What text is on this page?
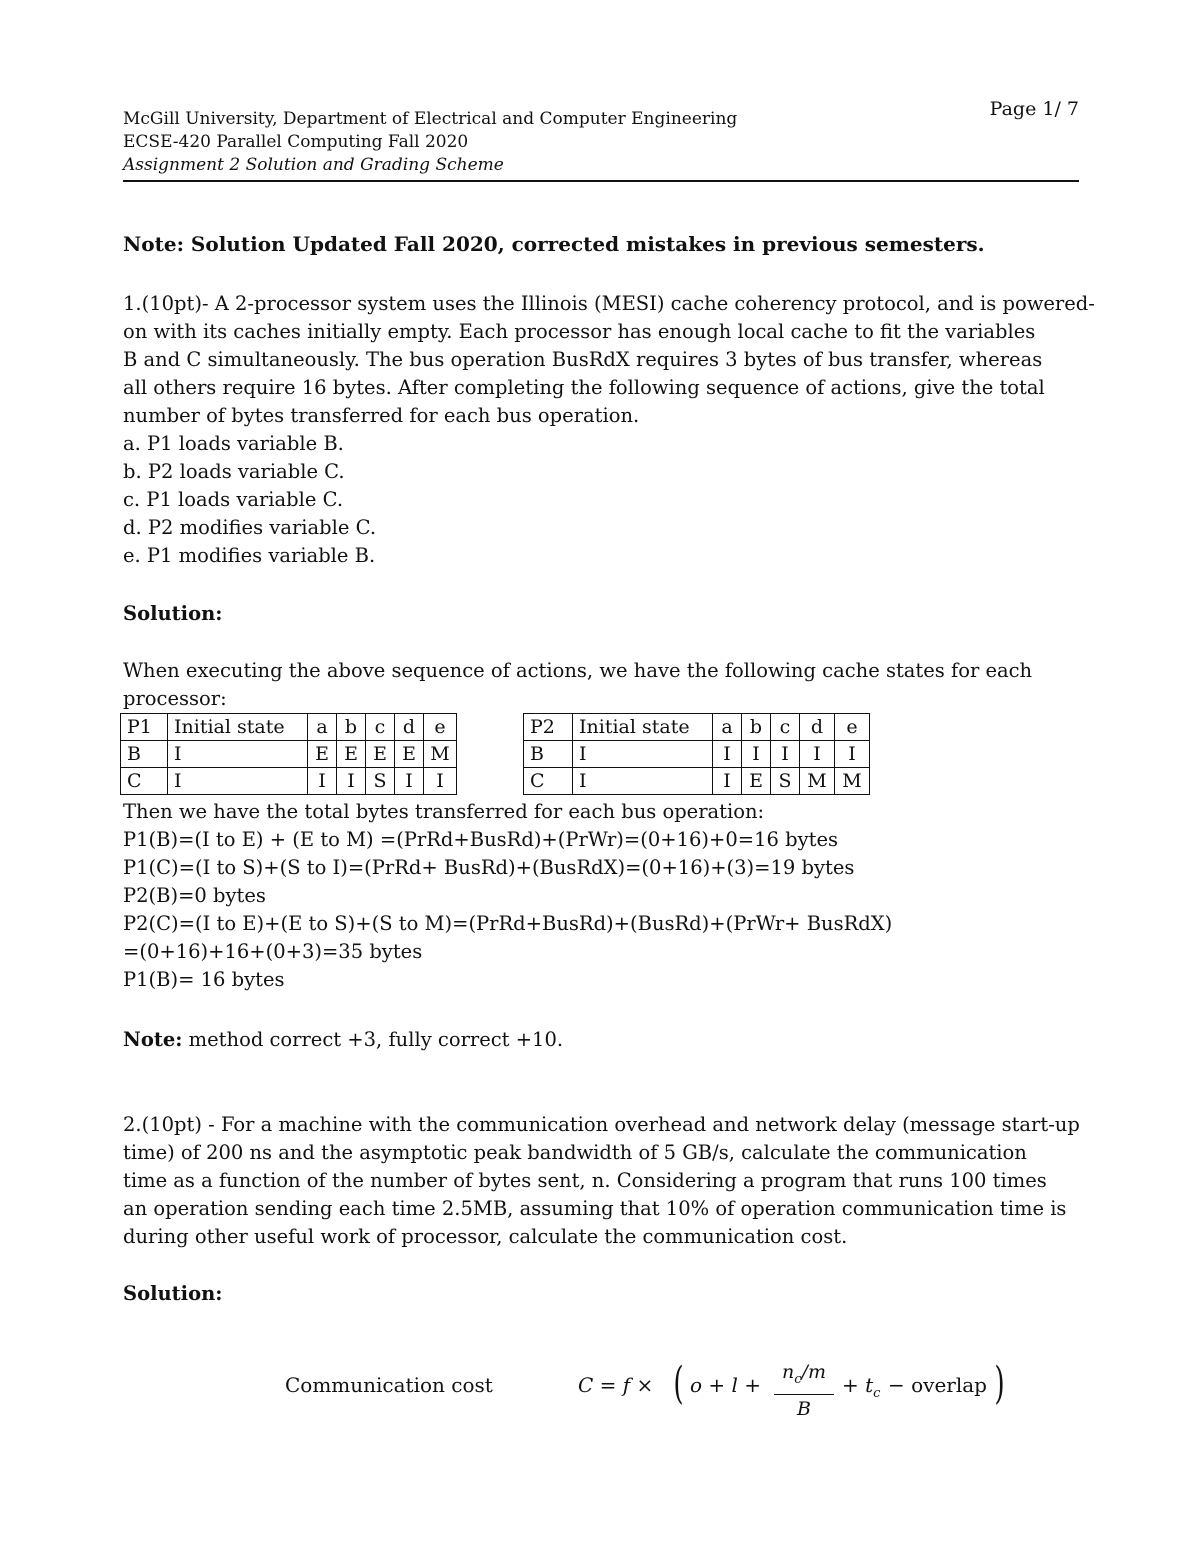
McGill University, Department of Electrical and Computer Engineering
ECSE-420 Parallel Computing Fall 2020
Assignment 2 Solution and Grading Scheme
Page 1/ 7
Note: Solution Updated Fall 2020, corrected mistakes in previous semesters.
1.(10pt)- A 2-processor system uses the Illinois (MESI) cache coherency protocol, and is powered-
on with its caches initially empty. Each processor has enough local cache to fit the variables
B and C simultaneously. The bus operation BusRdX requires 3 bytes of bus transfer, whereas
all others require 16 bytes. After completing the following sequence of actions, give the total
number of bytes transferred for each bus operation.
a. P1 loads variable B.
b. P2 loads variable C.
c. P1 loads variable C.
d. P2 modifies variable C.
e. P1 modifies variable B.
Solution:
When executing the above sequence of actions, we have the following cache states for each
processor:
P1	Initial state	a	b	c	d	e
B	I	E	E	E	E	M
C	I	I	I	S	I	I
P2	Initial state	a	b	c	d	e
B	I	I	I	I	I	I
C	I	I	E	S	M	M
Then we have the total bytes transferred for each bus operation:
P1(B)=(I to E) + (E to M) =(PrRd+BusRd)+(PrWr)=(0+16)+0=16 bytes
P1(C)=(I to S)+(S to I)=(PrRd+ BusRd)+(BusRdX)=(0+16)+(3)=19 bytes
P2(B)=0 bytes
P2(C)=(I to E)+(E to S)+(S to M)=(PrRd+BusRd)+(BusRd)+(PrWr+ BusRdX)
=(0+16)+16+(0+3)=35 bytes
P1(B)= 16 bytes
Note: method correct +3, fully correct +10.
2.(10pt) - For a machine with the communication overhead and network delay (message start-up
time) of 200 ns and the asymptotic peak bandwidth of 5 GB/s, calculate the communication
time as a function of the number of bytes sent, n. Considering a program that runs 100 times
an operation sending each time 2.5MB, assuming that 10% of operation communication time is
during other useful work of processor, calculate the communication cost.
Solution:
Communication cost	C = f × ( o + l +
$n_c/m$
B
+ $t_c$ − overlap )
